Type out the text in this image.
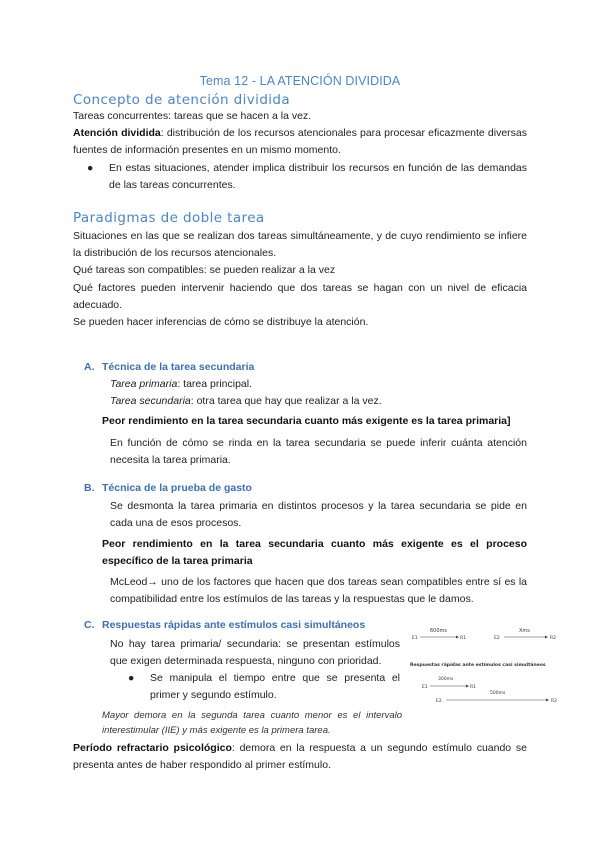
Tema 12 - LA ATENCIÓN DIVIDIDA
Concepto de atención dividida
Tareas concurrentes: tareas que se hacen a la vez.
Atención dividida: distribución de los recursos atencionales para procesar eficazmente diversas fuentes de información presentes en un mismo momento.
● En estas situaciones, atender implica distribuir los recursos en función de las demandas de las tareas concurrentes.
Paradigmas de doble tarea
Situaciones en las que se realizan dos tareas simultáneamente, y de cuyo rendimiento se infiere la distribución de los recursos atencionales.
Qué tareas son compatibles: se pueden realizar a la vez
Qué factores pueden intervenir haciendo que dos tareas se hagan con un nivel de eficacia adecuado.
Se pueden hacer inferencias de cómo se distribuye la atención.
A. Técnica de la tarea secundaria
Tarea primaria: tarea principal.
Tarea secundaria: otra tarea que hay que realizar a la vez.
Peor rendimiento en la tarea secundaria cuanto más exigente es la tarea primaria]
En función de cómo se rinda en la tarea secundaria se puede inferir cuánta atención necesita la tarea primaria.
B. Técnica de la prueba de gasto
Se desmonta la tarea primaria en distintos procesos y la tarea secundaria se pide en cada una de esos procesos.
Peor rendimiento en la tarea secundaria cuanto más exigente es el proceso específico de la tarea primaria
McLeod→ uno de los factores que hacen que dos tareas sean compatibles entre sí es la compatibilidad entre los estímulos de las tareas y la respuestas que le damos.
C. Respuestas rápidas ante estímulos casi simultáneos
No hay tarea primaria/ secundaria: se presentan estímulos que exigen determinada respuesta, ninguno con prioridad.
● Se manipula el tiempo entre que se presenta el primer y segundo estímulo.
Mayor demora en la segunda tarea cuanto menor es el intervalo interestimular (IIE) y más exigente es la primera tarea.
600ms
E1	R1
Xms
E2	R2
Respuestas rápidas ante estímulos casi simultáneos
300ms
E1	R1
500ms
E2	R2
Período refractario psicológico: demora en la respuesta a un segundo estímulo cuando se presenta antes de haber respondido al primer estímulo.
